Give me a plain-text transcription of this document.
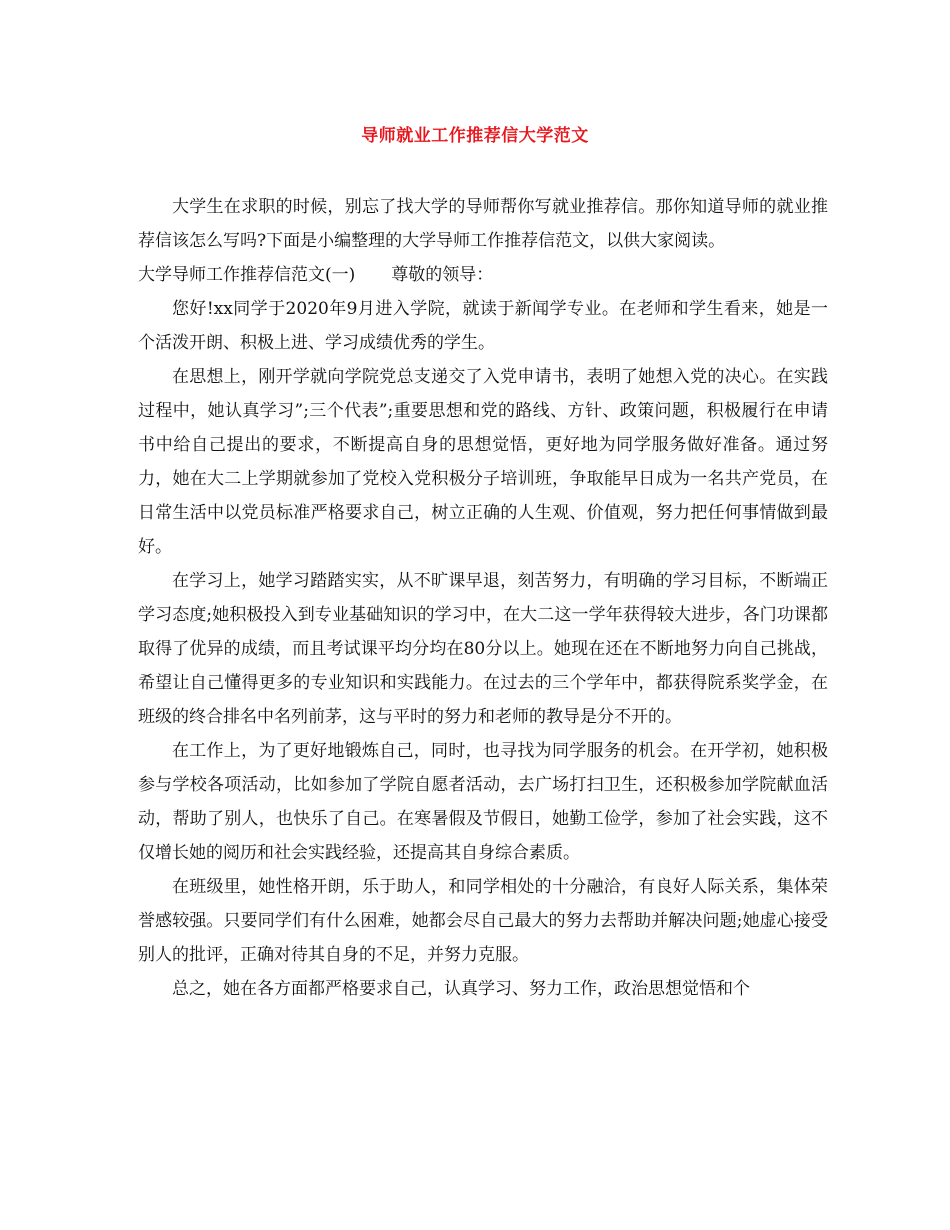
导师就业工作推荐信大学范文

大学生在求职的时候，别忘了找大学的导师帮你写就业推荐信。那你知道导师的就业推荐信该怎么写吗?下面是小编整理的大学导师工作推荐信范文，以供大家阅读。

大学导师工作推荐信范文(一) 尊敬的领导：

您好!xx同学于2020年9月进入学院，就读于新闻学专业。在老师和学生看来，她是一个活泼开朗、积极上进、学习成绩优秀的学生。

在思想上，刚开学就向学院党总支递交了入党申请书，表明了她想入党的决心。在实践过程中，她认真学习”;三个代表”;重要思想和党的路线、方针、政策问题，积极履行在申请书中给自己提出的要求，不断提高自身的思想觉悟，更好地为同学服务做好准备。通过努力，她在大二上学期就参加了党校入党积极分子培训班，争取能早日成为一名共产党员，在日常生活中以党员标准严格要求自己，树立正确的人生观、价值观，努力把任何事情做到最好。

在学习上，她学习踏踏实实，从不旷课早退，刻苦努力，有明确的学习目标，不断端正学习态度;她积极投入到专业基础知识的学习中，在大二这一学年获得较大进步，各门功课都取得了优异的成绩，而且考试课平均分均在80分以上。她现在还在不断地努力向自己挑战，希望让自己懂得更多的专业知识和实践能力。在过去的三个学年中，都获得院系奖学金，在班级的终合排名中名列前茅，这与平时的努力和老师的教导是分不开的。

在工作上，为了更好地锻炼自己，同时，也寻找为同学服务的机会。在开学初，她积极参与学校各项活动，比如参加了学院自愿者活动，去广场打扫卫生，还积极参加学院献血活动，帮助了别人，也快乐了自己。在寒暑假及节假日，她勤工俭学，参加了社会实践，这不仅增长她的阅历和社会实践经验，还提高其自身综合素质。

在班级里，她性格开朗，乐于助人，和同学相处的十分融洽，有良好人际关系，集体荣誉感较强。只要同学们有什么困难，她都会尽自己最大的努力去帮助并解决问题;她虚心接受别人的批评，正确对待其自身的不足，并努力克服。

总之，她在各方面都严格要求自己，认真学习、努力工作，政治思想觉悟和个
